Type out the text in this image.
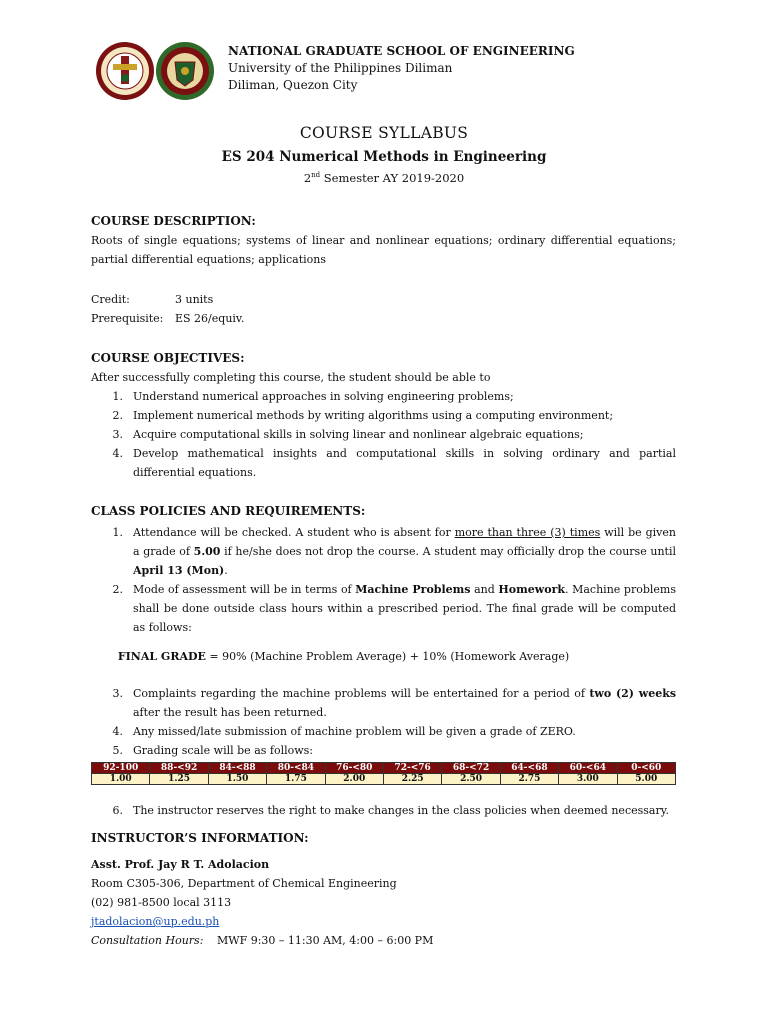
NATIONAL GRADUATE SCHOOL OF ENGINEERING
University of the Philippines Diliman
Diliman, Quezon City
COURSE SYLLABUS
ES 204 Numerical Methods in Engineering
2nd Semester AY 2019-2020
COURSE DESCRIPTION:
Roots of single equations; systems of linear and nonlinear equations; ordinary differential equations; partial differential equations; applications
Credit:	3 units
Prerequisite:	ES 26/equiv.
COURSE OBJECTIVES:
After successfully completing this course, the student should be able to
1. Understand numerical approaches in solving engineering problems;
2. Implement numerical methods by writing algorithms using a computing environment;
3. Acquire computational skills in solving linear and nonlinear algebraic equations;
4. Develop mathematical insights and computational skills in solving ordinary and partial differential equations.
CLASS POLICIES AND REQUIREMENTS:
1. Attendance will be checked. A student who is absent for more than three (3) times will be given a grade of 5.00 if he/she does not drop the course. A student may officially drop the course until April 13 (Mon).
2. Mode of assessment will be in terms of Machine Problems and Homework. Machine problems shall be done outside class hours within a prescribed period. The final grade will be computed as follows:
FINAL GRADE = 90% (Machine Problem Average) + 10% (Homework Average)
3. Complaints regarding the machine problems will be entertained for a period of two (2) weeks after the result has been returned.
4. Any missed/late submission of machine problem will be given a grade of ZERO.
5. Grading scale will be as follows:
92-100	88-<92	84-<88	80-<84	76-<80	72-<76	68-<72	64-<68	60-<64	0-<60
1.00	1.25	1.50	1.75	2.00	2.25	2.50	2.75	3.00	5.00
6. The instructor reserves the right to make changes in the class policies when deemed necessary.
INSTRUCTOR’S INFORMATION:
Asst. Prof. Jay R T. Adolacion
Room C305-306, Department of Chemical Engineering
(02) 981-8500 local 3113
jtadolacion@up.edu.ph
Consultation Hours:	MWF 9:30 – 11:30 AM, 4:00 – 6:00 PM
